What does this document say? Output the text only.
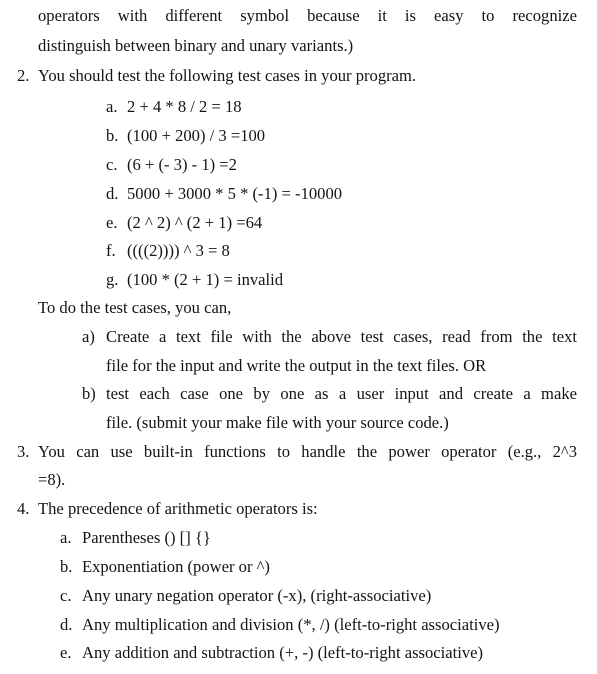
operators with different symbol because it is easy to recognize
distinguish between binary and unary variants.)
2. You should test the following test cases in your program.
a. 2 + 4 * 8 / 2 = 18
b. (100 + 200) / 3 =100
c. (6 + (- 3) - 1) =2
d. 5000 + 3000 * 5 * (-1) = -10000
e. (2 ^ 2) ^ (2 + 1) =64
f. ((((2)))) ^ 3 = 8
g. (100 * (2 + 1) = invalid
To do the test cases, you can,
a) Create a text file with the above test cases, read from the text
file for the input and write the output in the text files. OR
b) test each case one by one as a user input and create a make
file. (submit your make file with your source code.)
3. You can use built-in functions to handle the power operator (e.g., 2^3
=8).
4. The precedence of arithmetic operators is:
a. Parentheses () [] {}
b. Exponentiation (power or ^)
c. Any unary negation operator (-x), (right-associative)
d. Any multiplication and division (*, /) (left-to-right associative)
e. Any addition and subtraction (+, -) (left-to-right associative)
